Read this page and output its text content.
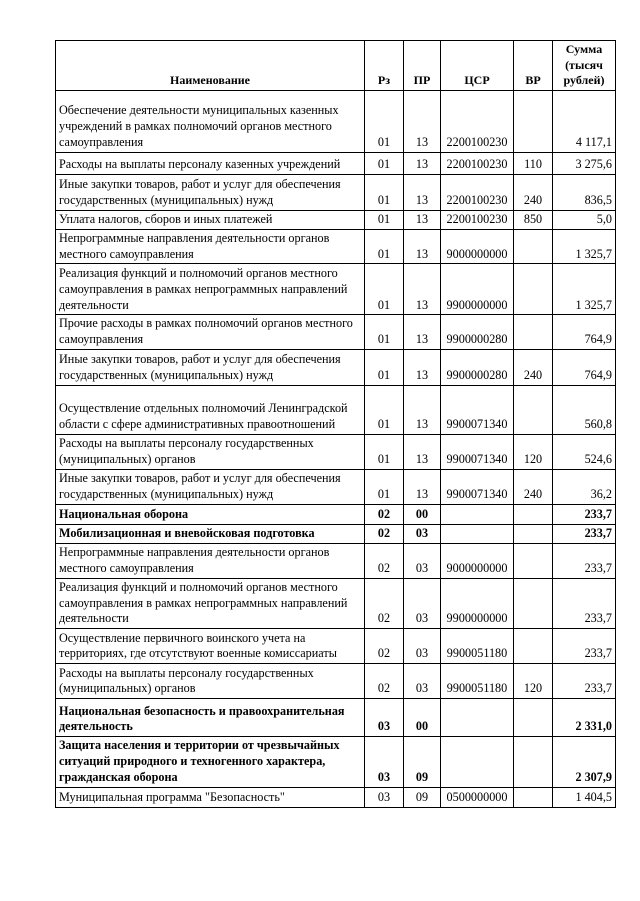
Наименование	Рз	ПР	ЦСР	ВР	Сумма (тысяч рублей)
Обеспечение деятельности муниципальных казенных учреждений в рамках полномочий органов местного самоуправления	01	13	2200100230		4 117,1
Расходы на выплаты персоналу казенных учреждений	01	13	2200100230	110	3 275,6
Иные закупки товаров, работ и услуг для обеспечения государственных (муниципальных) нужд	01	13	2200100230	240	836,5
Уплата налогов, сборов и иных платежей	01	13	2200100230	850	5,0
Непрограммные направления деятельности органов местного самоуправления	01	13	9000000000		1 325,7
Реализация функций и полномочий органов местного самоуправления в рамках непрограммных направлений деятельности	01	13	9900000000		1 325,7
Прочие расходы в рамках полномочий органов местного самоуправления	01	13	9900000280		764,9
Иные закупки товаров, работ и услуг для обеспечения государственных (муниципальных) нужд	01	13	9900000280	240	764,9
Осуществление отдельных полномочий Ленинградской области с сфере административных правоотношений	01	13	9900071340		560,8
Расходы на выплаты персоналу государственных (муниципальных) органов	01	13	9900071340	120	524,6
Иные закупки товаров, работ и услуг для обеспечения государственных (муниципальных) нужд	01	13	9900071340	240	36,2
Национальная оборона	02	00			233,7
Мобилизационная и вневойсковая подготовка	02	03			233,7
Непрограммные направления деятельности органов местного самоуправления	02	03	9000000000		233,7
Реализация функций и полномочий органов местного самоуправления в рамках непрограммных направлений деятельности	02	03	9900000000		233,7
Осуществление первичного воинского учета на территориях, где отсутствуют военные комиссариаты	02	03	9900051180		233,7
Расходы на выплаты персоналу государственных (муниципальных) органов	02	03	9900051180	120	233,7
Национальная безопасность и правоохранительная деятельность	03	00			2 331,0
Защита населения и территории от чрезвычайных ситуаций природного и техногенного характера, гражданская оборона	03	09			2 307,9
Муниципальная программа "Безопасность"	03	09	0500000000		1 404,5
